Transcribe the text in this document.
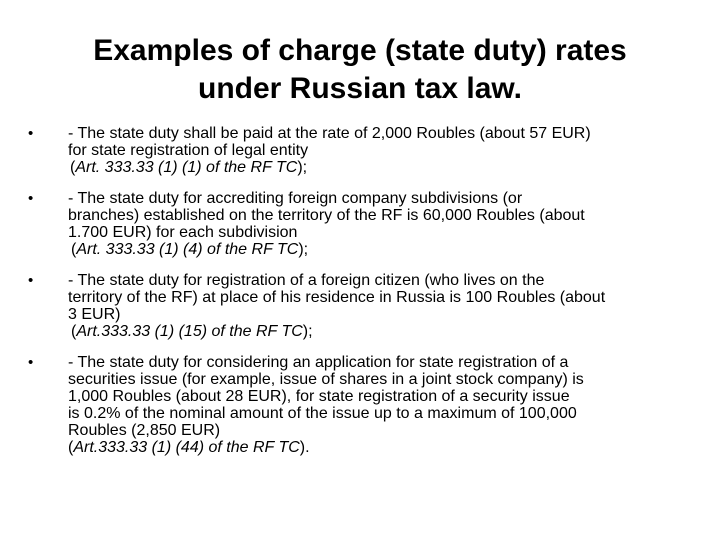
Examples of charge (state duty) rates
under Russian tax law.
• - The state duty shall be paid at the rate of 2,000 Roubles (about 57 EUR)
for state registration of legal entity
(Art. 333.33 (1) (1) of the RF TC);
• - The state duty for accrediting foreign company subdivisions (or
branches) established on the territory of the RF is 60,000 Roubles (about
1.700 EUR) for each subdivision
(Art. 333.33 (1) (4) of the RF TC);
• - The state duty for registration of a foreign citizen (who lives on the
territory of the RF) at place of his residence in Russia is 100 Roubles (about
3 EUR)
(Art.333.33 (1) (15) of the RF TC);
• - The state duty for considering an application for state registration of a
securities issue (for example, issue of shares in a joint stock company) is
1,000 Roubles (about 28 EUR), for state registration of a security issue
is 0.2% of the nominal amount of the issue up to a maximum of 100,000
Roubles (2,850 EUR)
(Art.333.33 (1) (44) of the RF TC).
